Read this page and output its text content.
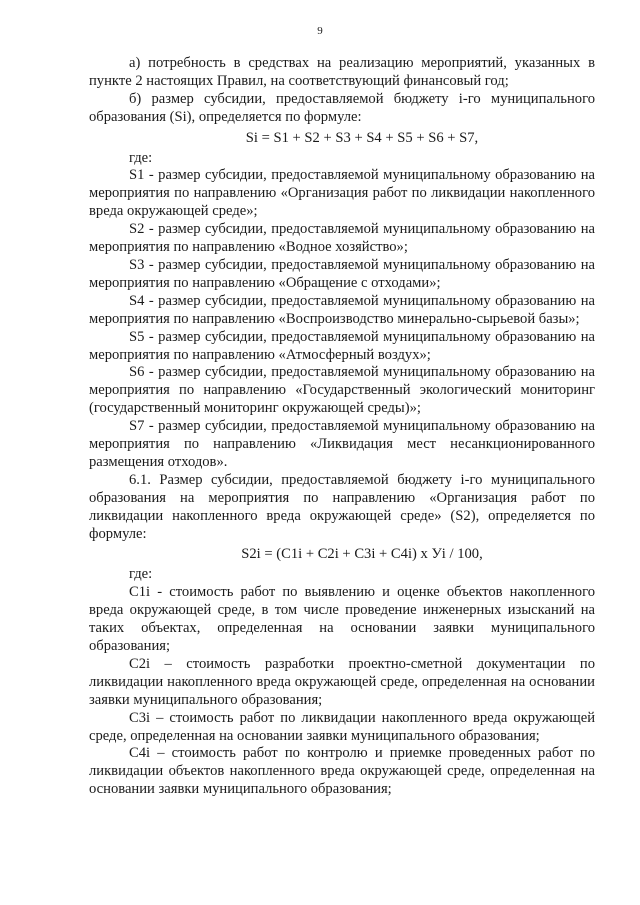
9

а) потребность в средствах на реализацию мероприятий, указанных в пункте 2 настоящих Правил, на соответствующий финансовый год;

б) размер субсидии, предоставляемой бюджету i-го муниципального образования (Si), определяется по формуле:

Si = S1 + S2 + S3 + S4 + S5 + S6 + S7,

где:

S1 - размер субсидии, предоставляемой муниципальному образованию на мероприятия по направлению «Организация работ по ликвидации накопленного вреда окружающей среде»;

S2 - размер субсидии, предоставляемой муниципальному образованию на мероприятия по направлению «Водное хозяйство»;

S3 - размер субсидии, предоставляемой муниципальному образованию на мероприятия по направлению «Обращение с отходами»;

S4 - размер субсидии, предоставляемой муниципальному образованию на мероприятия по направлению «Воспроизводство минерально-сырьевой базы»;

S5 - размер субсидии, предоставляемой муниципальному образованию на мероприятия по направлению «Атмосферный воздух»;

S6 - размер субсидии, предоставляемой муниципальному образованию на мероприятия по направлению «Государственный экологический мониторинг (государственный мониторинг окружающей среды)»;

S7 - размер субсидии, предоставляемой муниципальному образованию на мероприятия по направлению «Ликвидация мест несанкционированного размещения отходов».

6.1. Размер субсидии, предоставляемой бюджету i-го муниципального образования на мероприятия по направлению «Организация работ по ликвидации накопленного вреда окружающей среде» (S2), определяется по формуле:

S2i = (C1i + C2i + C3i + C4i) х Уi / 100,

где:

C1i - стоимость работ по выявлению и оценке объектов накопленного вреда окружающей среде, в том числе проведение инженерных изысканий на таких объектах, определенная на основании заявки муниципального образования;

C2i – стоимость разработки проектно-сметной документации по ликвидации накопленного вреда окружающей среде, определенная на основании заявки муниципального образования;

C3i – стоимость работ по ликвидации накопленного вреда окружающей среде, определенная на основании заявки муниципального образования;

C4i – стоимость работ по контролю и приемке проведенных работ по ликвидации объектов накопленного вреда окружающей среде, определенная на основании заявки муниципального образования;
